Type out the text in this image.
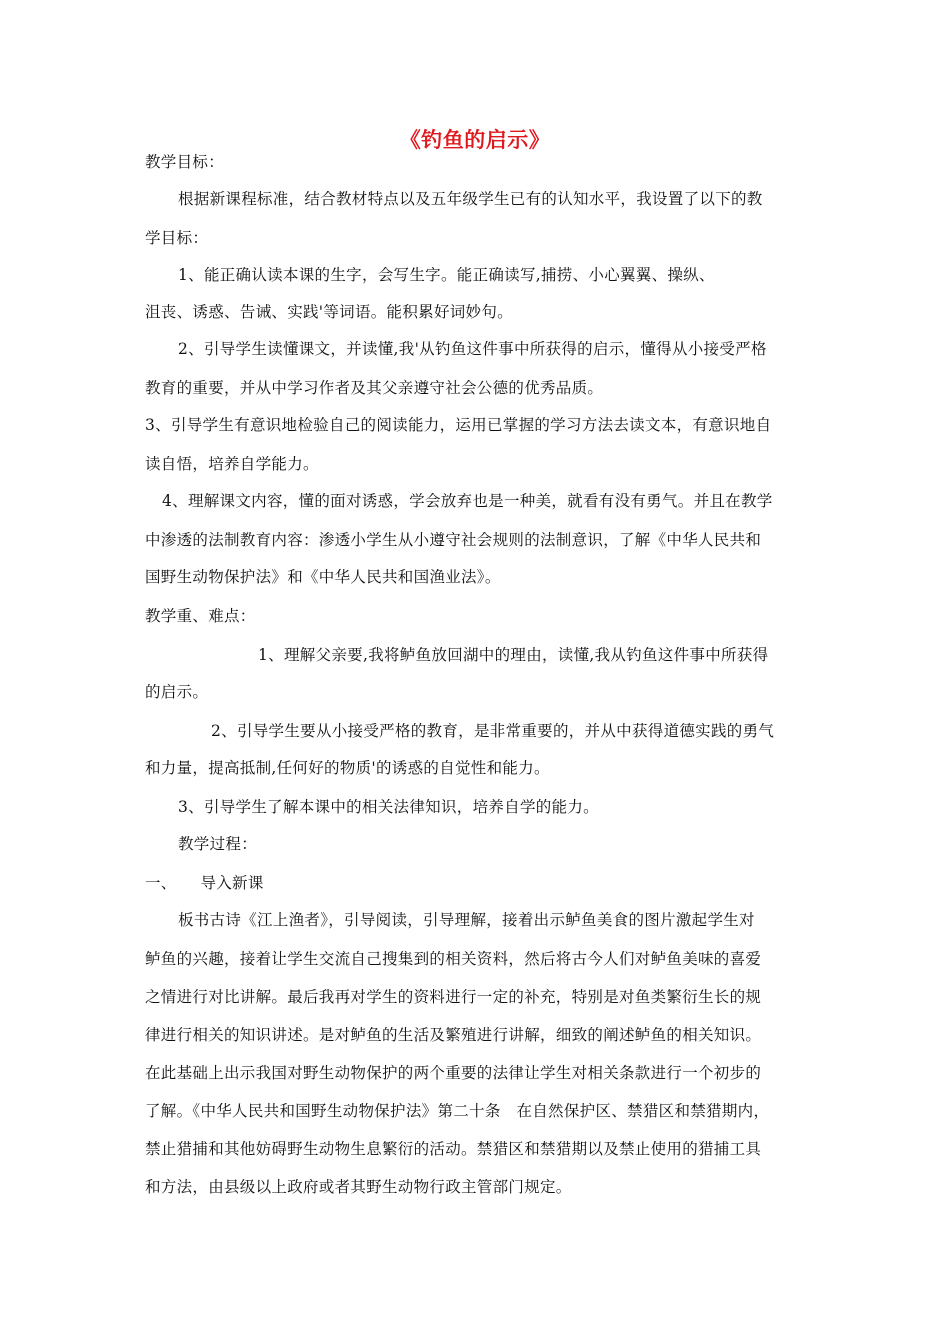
《钓鱼的启示》
教学目标：
根据新课程标准，结合教材特点以及五年级学生已有的认知水平，我设置了以下的教
学目标：
1、能正确认读本课的生字，会写生字。能正确读写,捕捞、小心翼翼、操纵、
沮丧、诱惑、告诫、实践'等词语。能积累好词妙句。
2、引导学生读懂课文，并读懂,我'从钓鱼这件事中所获得的启示，懂得从小接受严格
教育的重要，并从中学习作者及其父亲遵守社会公德的优秀品质。
3、引导学生有意识地检验自己的阅读能力，运用已掌握的学习方法去读文本，有意识地自
读自悟，培养自学能力。
4、理解课文内容，懂的面对诱惑，学会放弃也是一种美，就看有没有勇气。并且在教学
中渗透的法制教育内容：渗透小学生从小遵守社会规则的法制意识，了解《中华人民共和
国野生动物保护法》和《中华人民共和国渔业法》。
教学重、难点：
1、理解父亲要,我将鲈鱼放回湖中的理由，读懂,我从钓鱼这件事中所获得
的启示。
2、引导学生要从小接受严格的教育，是非常重要的，并从中获得道德实践的勇气
和力量，提高抵制,任何好的物质'的诱惑的自觉性和能力。
3、引导学生了解本课中的相关法律知识，培养自学的能力。
教学过程：
一、　　导入新课
板书古诗《江上渔者》，引导阅读，引导理解，接着出示鲈鱼美食的图片激起学生对
鲈鱼的兴趣，接着让学生交流自己搜集到的相关资料，然后将古今人们对鲈鱼美味的喜爱
之情进行对比讲解。最后我再对学生的资料进行一定的补充，特别是对鱼类繁衍生长的规
律进行相关的知识讲述。是对鲈鱼的生活及繁殖进行讲解，细致的阐述鲈鱼的相关知识。
在此基础上出示我国对野生动物保护的两个重要的法律让学生对相关条款进行一个初步的
了解。《中华人民共和国野生动物保护法》第二十条　在自然保护区、禁猎区和禁猎期内，
禁止猎捕和其他妨碍野生动物生息繁衍的活动。禁猎区和禁猎期以及禁止使用的猎捕工具
和方法，由县级以上政府或者其野生动物行政主管部门规定。
